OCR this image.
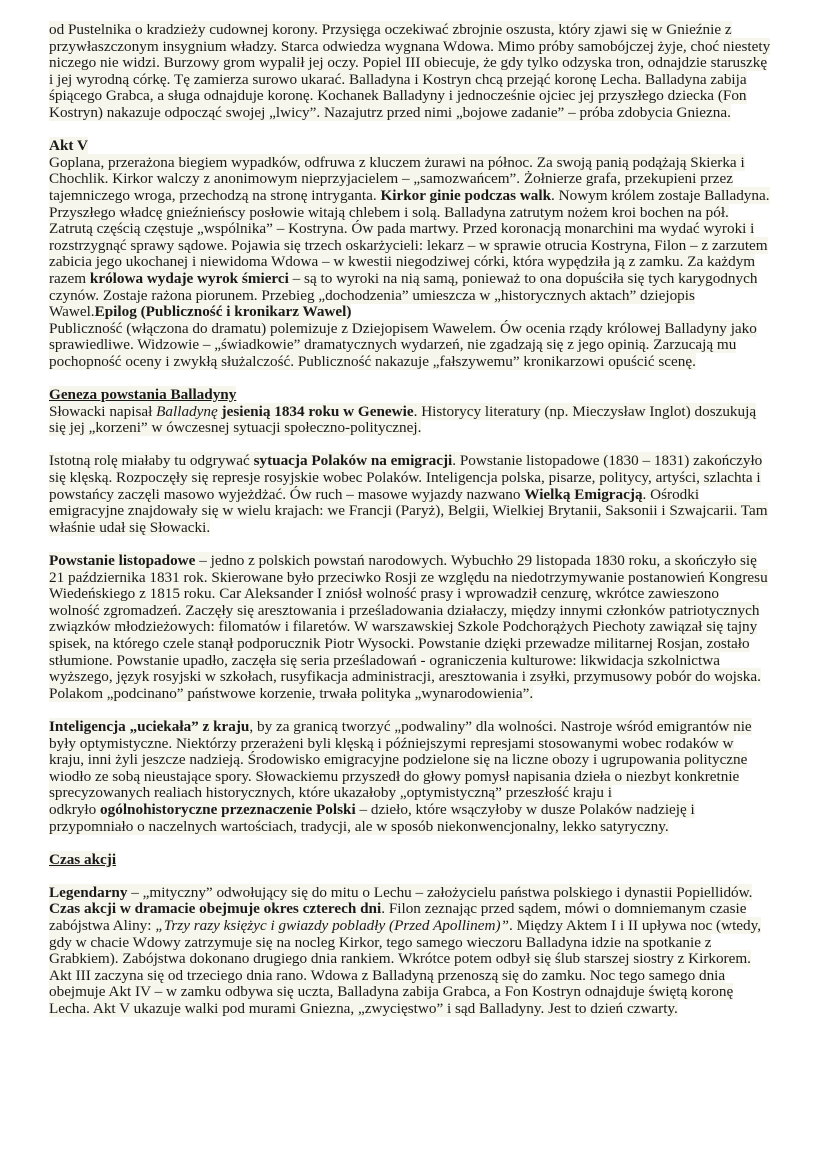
od Pustelnika o kradzieży cudownej korony. Przysięga oczekiwać zbrojnie oszusta, który zjawi się w Gnieźnie z
przywłaszczonym insygnium władzy. Starca odwiedza wygnana Wdowa. Mimo próby samobójczej żyje, choć niestety
niczego nie widzi. Burzowy grom wypalił jej oczy. Popiel III obiecuje, że gdy tylko odzyska tron, odnajdzie staruszkę
i jej wyrodną córkę. Tę zamierza surowo ukarać. Balladyna i Kostryn chcą przejąć koronę Lecha. Balladyna zabija
śpiącego Grabca, a sługa odnajduje koronę. Kochanek Balladyny i jednocześnie ojciec jej przyszłego dziecka (Fon
Kostryn) nakazuje odpocząć swojej „lwicy”. Nazajutrz przed nimi „bojowe zadanie” – próba zdobycia Gniezna.
Akt V
Goplana, przerażona biegiem wypadków, odfruwa z kluczem żurawi na północ. Za swoją panią podążają Skierka i
Chochlik. Kirkor walczy z anonimowym nieprzyjacielem – „samozwańcem”. Żołnierze grafa, przekupieni przez
tajemniczego wroga, przechodzą na stronę intryganta. Kirkor ginie podczas walk. Nowym królem zostaje Balladyna.
Przyszłego władcę gnieźnieńscy posłowie witają chlebem i solą. Balladyna zatrutym nożem kroi bochen na pół.
Zatrutą częścią częstuje „wspólnika” – Kostryna. Ów pada martwy. Przed koronacją monarchini ma wydać wyroki i
rozstrzygnąć sprawy sądowe. Pojawia się trzech oskarżycieli: lekarz – w sprawie otrucia Kostryna, Filon – z zarzutem
zabicia jego ukochanej i niewidoma Wdowa – w kwestii niegodziwej córki, która wypędziła ją z zamku. Za każdym
razem królowa wydaje wyrok śmierci – są to wyroki na nią samą, ponieważ to ona dopuściła się tych karygodnych
czynów. Zostaje rażona piorunem. Przebieg „dochodzenia” umieszcza w „historycznych aktach” dziejopis
Wawel.Epilog (Publiczność i kronikarz Wawel)
Publiczność (włączona do dramatu) polemizuje z Dziejopisem Wawelem. Ów ocenia rządy królowej Balladyny jako
sprawiedliwe. Widzowie – „świadkowie” dramatycznych wydarzeń, nie zgadzają się z jego opinią. Zarzucają mu
pochopność oceny i zwykłą służalczość. Publiczność nakazuje „fałszywemu” kronikarzowi opuścić scenę.
Geneza powstania Balladyny
Słowacki napisał Balladynę jesienią 1834 roku w Genewie. Historycy literatury (np. Mieczysław Inglot) doszukują
się jej „korzeni” w ówczesnej sytuacji społeczno-politycznej.
Istotną rolę miałaby tu odgrywać sytuacja Polaków na emigracji. Powstanie listopadowe (1830 – 1831) zakończyło
się klęską. Rozpoczęły się represje rosyjskie wobec Polaków. Inteligencja polska, pisarze, politycy, artyści, szlachta i
powstańcy zaczęli masowo wyjeżdżać. Ów ruch – masowe wyjazdy nazwano Wielką Emigracją. Ośrodki
emigracyjne znajdowały się w wielu krajach: we Francji (Paryż), Belgii, Wielkiej Brytanii, Saksonii i Szwajcarii. Tam
właśnie udał się Słowacki.
Powstanie listopadowe – jedno z polskich powstań narodowych. Wybuchło 29 listopada 1830 roku, a skończyło się
21 października 1831 rok. Skierowane było przeciwko Rosji ze względu na niedotrzymywanie postanowień Kongresu
Wiedeńskiego z 1815 roku. Car Aleksander I zniósł wolność prasy i wprowadził cenzurę, wkrótce zawieszono
wolność zgromadzeń. Zaczęły się aresztowania i prześladowania działaczy, między innymi członków patriotycznych
związków młodzieżowych: filomatów i filaretów. W warszawskiej Szkole Podchorążych Piechoty zawiązał się tajny
spisek, na którego czele stanął podporucznik Piotr Wysocki. Powstanie dzięki przewadze militarnej Rosjan, zostało
stłumione. Powstanie upadło, zaczęła się seria prześladowań - ograniczenia kulturowe: likwidacja szkolnictwa
wyższego, język rosyjski w szkołach, rusyfikacja administracji, aresztowania i zsyłki, przymusowy pobór do wojska.
Polakom „podcinano” państwowe korzenie, trwała polityka „wynarodowienia”.
Inteligencja „uciekała” z kraju, by za granicą tworzyć „podwaliny” dla wolności. Nastroje wśród emigrantów nie
były optymistyczne. Niektórzy przerażeni byli klęską i późniejszymi represjami stosowanymi wobec rodaków w
kraju, inni żyli jeszcze nadzieją. Środowisko emigracyjne podzielone się na liczne obozy i ugrupowania polityczne
wiodło ze sobą nieustające spory. Słowackiemu przyszedł do głowy pomysł napisania dzieła o niezbyt konkretnie
sprecyzowanych realiach historycznych, które ukazałoby „optymistyczną” przeszłość kraju i
odkryło ogólnohistoryczne przeznaczenie Polski – dzieło, które wsączyłoby w dusze Polaków nadzieję i
przypomniało o naczelnych wartościach, tradycji, ale w sposób niekonwencjonalny, lekko satyryczny.
Czas akcji
Legendarny – „mityczny” odwołujący się do mitu o Lechu – założycielu państwa polskiego i dynastii Popiellidów.
Czas akcji w dramacie obejmuje okres czterech dni. Filon zeznając przed sądem, mówi o domniemanym czasie
zabójstwa Aliny: „Trzy razy księżyc i gwiazdy pobladły (Przed Apollinem)”. Między Aktem I i II upływa noc (wtedy,
gdy w chacie Wdowy zatrzymuje się na nocleg Kirkor, tego samego wieczoru Balladyna idzie na spotkanie z
Grabkiem). Zabójstwa dokonano drugiego dnia rankiem. Wkrótce potem odbył się ślub starszej siostry z Kirkorem.
Akt III zaczyna się od trzeciego dnia rano. Wdowa z Balladyną przenoszą się do zamku. Noc tego samego dnia
obejmuje Akt IV – w zamku odbywa się uczta, Balladyna zabija Grabca, a Fon Kostryn odnajduje świętą koronę
Lecha. Akt V ukazuje walki pod murami Gniezna, „zwycięstwo” i sąd Balladyny. Jest to dzień czwarty.
